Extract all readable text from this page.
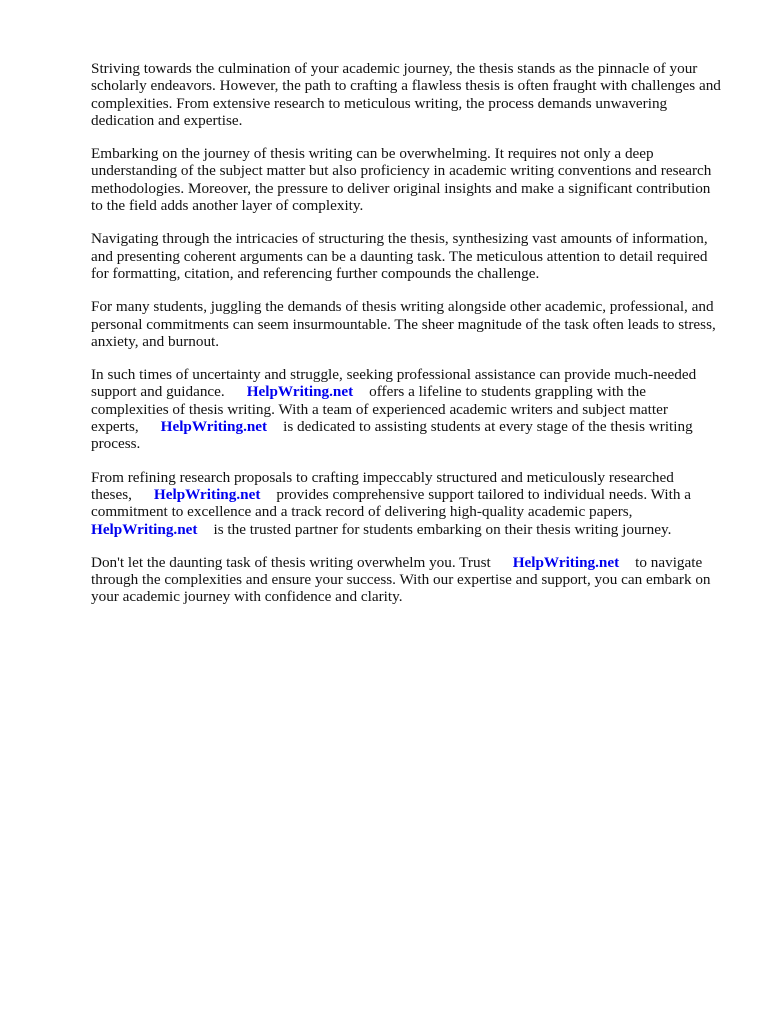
Striving towards the culmination of your academic journey, the thesis stands as the pinnacle of your scholarly endeavors. However, the path to crafting a flawless thesis is often fraught with challenges and complexities. From extensive research to meticulous writing, the process demands unwavering dedication and expertise.

Embarking on the journey of thesis writing can be overwhelming. It requires not only a deep understanding of the subject matter but also proficiency in academic writing conventions and research methodologies. Moreover, the pressure to deliver original insights and make a significant contribution to the field adds another layer of complexity.

Navigating through the intricacies of structuring the thesis, synthesizing vast amounts of information, and presenting coherent arguments can be a daunting task. The meticulous attention to detail required for formatting, citation, and referencing further compounds the challenge.

For many students, juggling the demands of thesis writing alongside other academic, professional, and personal commitments can seem insurmountable. The sheer magnitude of the task often leads to stress, anxiety, and burnout.

In such times of uncertainty and struggle, seeking professional assistance can provide much-needed support and guidance. HelpWriting.net offers a lifeline to students grappling with the complexities of thesis writing. With a team of experienced academic writers and subject matter experts, HelpWriting.net is dedicated to assisting students at every stage of the thesis writing process.

From refining research proposals to crafting impeccably structured and meticulously researched theses, HelpWriting.net provides comprehensive support tailored to individual needs. With a commitment to excellence and a track record of delivering high-quality academic papers, HelpWriting.net is the trusted partner for students embarking on their thesis writing journey.

Don't let the daunting task of thesis writing overwhelm you. Trust HelpWriting.net to navigate through the complexities and ensure your success. With our expertise and support, you can embark on your academic journey with confidence and clarity.
